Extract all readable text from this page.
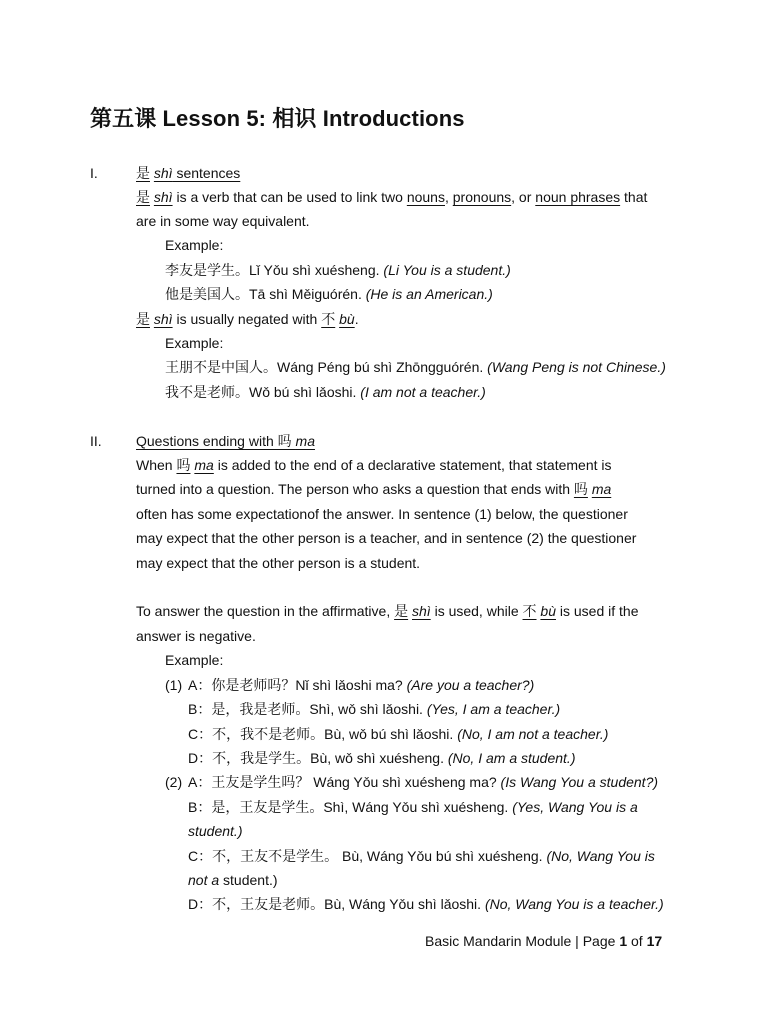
第五课 Lesson 5: 相识 Introductions
I.	是 shì sentences
是 shì is a verb that can be used to link two nouns, pronouns, or noun phrases that
are in some way equivalent.
Example:
李友是学生。Lǐ Yǒu shì xuésheng. (Li You is a student.)
他是美国人。Tā shì Měiguórén. (He is an American.)
是 shì is usually negated with 不 bù.
Example:
王朋不是中国人。Wáng Péng bú shì Zhōngguórén. (Wang Peng is not Chinese.)
我不是老师。Wǒ bú shì lǎoshi. (I am not a teacher.)
II. Questions ending with 吗 ma
When 吗 ma is added to the end of a declarative statement, that statement is
turned into a question. The person who asks a question that ends with 吗 ma
often has some expectationof the answer. In sentence (1) below, the questioner
may expect that the other person is a teacher, and in sentence (2) the questioner
may expect that the other person is a student.
To answer the question in the affirmative, 是 shì is used, while 不 bù is used if the
answer is negative.
Example:
(1) A：你是老师吗？Nǐ shì lǎoshi ma? (Are you a teacher?)
B：是，我是老师。Shì, wǒ shì lǎoshi. (Yes, I am a teacher.)
C：不，我不是老师。Bù, wǒ bú shì lǎoshi. (No, I am not a teacher.)
D：不，我是学生。Bù, wǒ shì xuésheng. (No, I am a student.)
(2) A：王友是学生吗？ Wáng Yǒu shì xuésheng ma? (Is Wang You a student?)
B：是，王友是学生。Shì, Wáng Yǒu shì xuésheng. (Yes, Wang You is a
student.)
C：不，王友不是学生。 Bù, Wáng Yǒu bú shì xuésheng. (No, Wang You is
not a student.)
D：不，王友是老师。Bù, Wáng Yǒu shì lǎoshi. (No, Wang You is a teacher.)
Basic Mandarin Module | Page 1 of 17
